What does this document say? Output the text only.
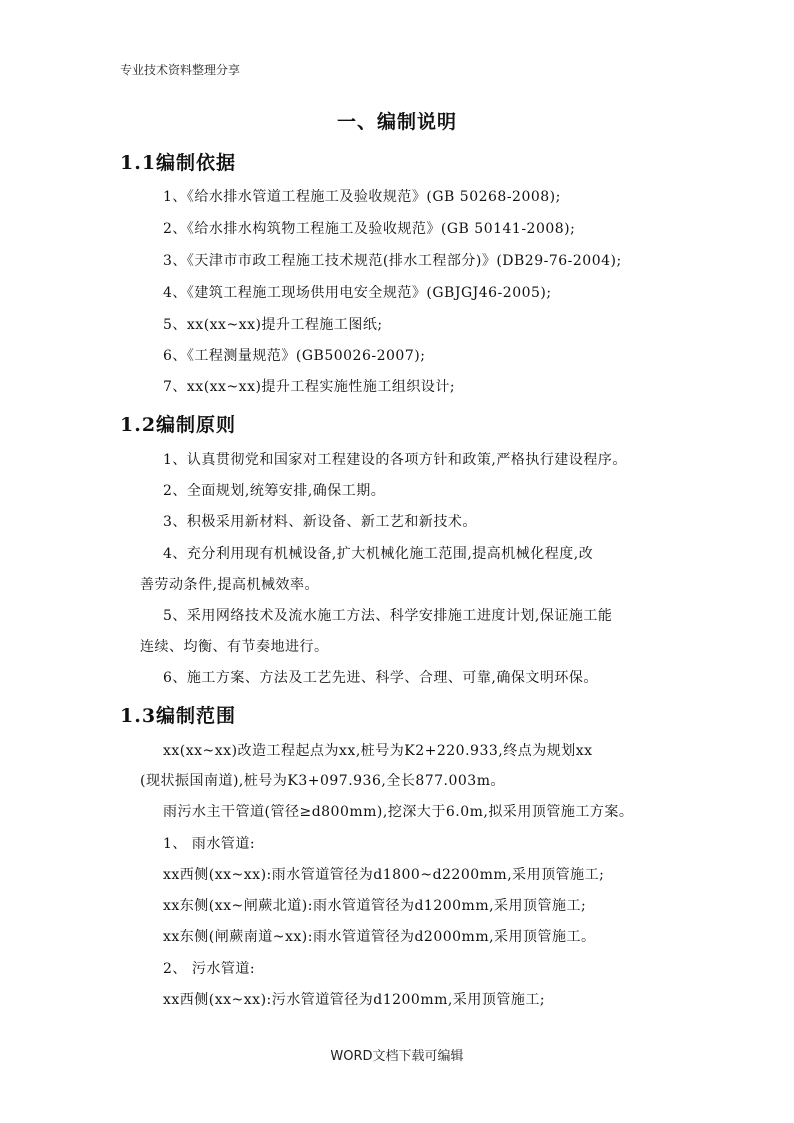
专业技术资料整理分享
一、编制说明
1.1编制依据
1、《给水排水管道工程施工及验收规范》(GB 50268-2008);
2、《给水排水构筑物工程施工及验收规范》(GB 50141-2008);
3、《天津市市政工程施工技术规范(排水工程部分)》(DB29-76-2004);
4、《建筑工程施工现场供用电安全规范》(GBJGJ46-2005);
5、xx(xx~xx)提升工程施工图纸;
6、《工程测量规范》(GB50026-2007);
7、xx(xx~xx)提升工程实施性施工组织设计;
1.2编制原则
1、认真贯彻党和国家对工程建设的各项方针和政策,严格执行建设程序。
2、全面规划,统筹安排,确保工期。
3、积极采用新材料、新设备、新工艺和新技术。
4、充分利用现有机械设备,扩大机械化施工范围,提高机械化程度,改
善劳动条件,提高机械效率。
5、采用网络技术及流水施工方法、科学安排施工进度计划,保证施工能
连续、均衡、有节奏地进行。
6、施工方案、方法及工艺先进、科学、合理、可靠,确保文明环保。
1.3编制范围
xx(xx~xx)改造工程起点为xx,桩号为K2+220.933,终点为规划xx
(现状振国南道),桩号为K3+097.936,全长877.003m。
雨污水主干管道(管径≥d800mm),挖深大于6.0m,拟采用顶管施工方案。
1、 雨水管道:
xx西侧(xx~xx):雨水管道管径为d1800~d2200mm,采用顶管施工;
xx东侧(xx~闸蕨北道):雨水管道管径为d1200mm,采用顶管施工;
xx东侧(闸蕨南道~xx):雨水管道管径为d2000mm,采用顶管施工。
2、 污水管道:
xx西侧(xx~xx):污水管道管径为d1200mm,采用顶管施工;
WORD文档下载可编辑
